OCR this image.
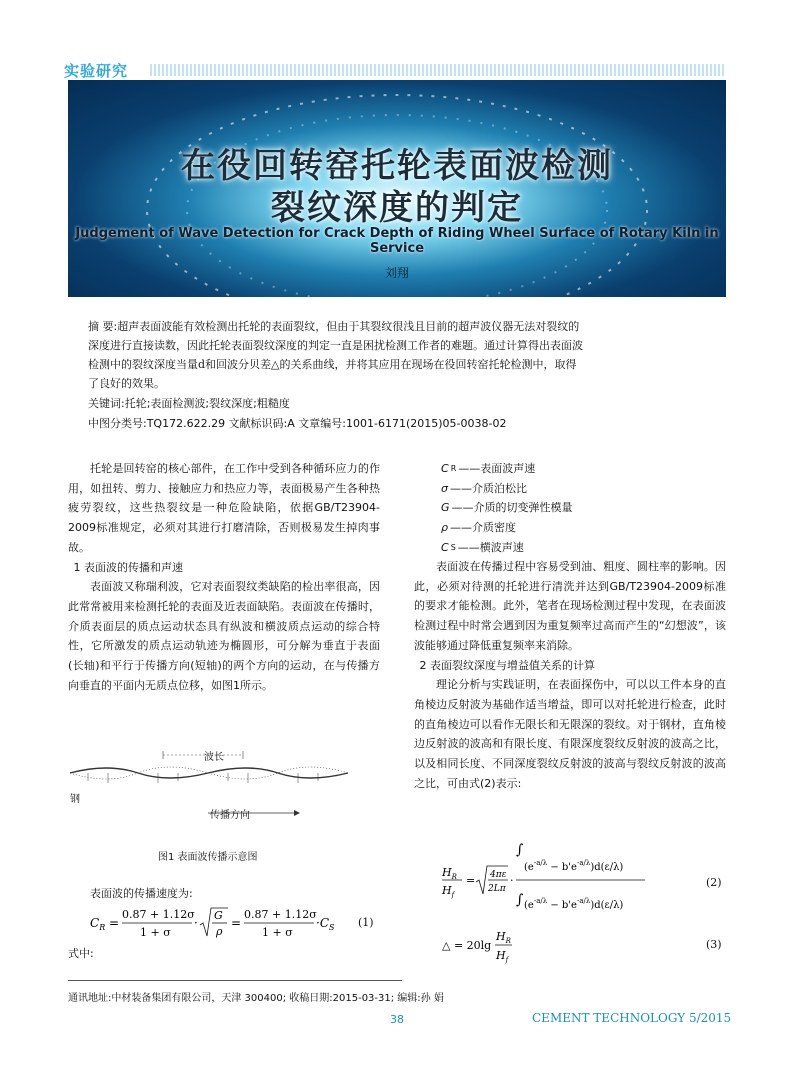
实验研究
在役回转窑托轮表面波检测
裂纹深度的判定
Judgement of Wave Detection for Crack Depth of Riding Wheel Surface of Rotary Kiln in Service
刘翔
摘 要:超声表面波能有效检测出托轮的表面裂纹，但由于其裂纹很浅且目前的超声波仪器无法对裂纹的
深度进行直接读数，因此托轮表面裂纹深度的判定一直是困扰检测工作者的难题。通过计算得出表面波
检测中的裂纹深度当量d和回波分贝差△的关系曲线，并将其应用在现场在役回转窑托轮检测中，取得
了良好的效果。
关键词:托轮;表面检测波;裂纹深度;粗糙度
中图分类号:TQ172.622.29 文献标识码:A 文章编号:1001-6171(2015)05-0038-02

托轮是回转窑的核心部件，在工作中受到各种循环应力的作用，如扭转、剪力、接触应力和热应力等，表面极易产生各种热疲劳裂纹，这些热裂纹是一种危险缺陷，依据GB/T23904-2009标准规定，必须对其进行打磨清除，否则极易发生掉肉事故。

1 表面波的传播和声速

表面波又称瑞利波，它对表面裂纹类缺陷的检出率很高，因此常常被用来检测托轮的表面及近表面缺陷。表面波在传播时，介质表面层的质点运动状态具有纵波和横波质点运动的综合特性，它所激发的质点运动轨迹为椭圆形，可分解为垂直于表面(长轴)和平行于传播方向(短轴)的两个方向的运动，在与传播方向垂直的平面内无质点位移，如图1所示。

波长
钢
传播方向
图1 表面波传播示意图

表面波的传播速度为:

$C_R$ =
0.87 + 1.12σ
1 + σ
·
G
ρ
=
0.87 + 1.12σ
1 + σ
$\cdot C_S$ (1)
式中:
C R ——表面波声速
σ ——介质泊松比
G ——介质的切变弹性模量
ρ ——介质密度
C S ——横波声速

表面波在传播过程中容易受到油、粗度、圆柱率的影响。因此，必须对待测的托轮进行清洗并达到GB/T23904-2009标准的要求才能检测。此外，笔者在现场检测过程中发现，在表面波检测过程中时常会遇到因为重复频率过高而产生的“幻想波”，该波能够通过降低重复频率来消除。

2 表面裂纹深度与增益值关系的计算

理论分析与实践证明，在表面探伤中，可以以工件本身的直角棱边反射波为基础作适当增益，即可以对托轮进行检查，此时的直角棱边可以看作无限长和无限深的裂纹。对于钢材，直角棱边反射波的波高和有限长度、有限深度裂纹反射波的波高之比，以及相同长度、不同深度裂纹反射波的波高与裂纹反射波的波高之比，可由式(2)表示:

$H_R$
$H_f$
= 4πε
2Lπ
·
∫
$(e^{-a/\lambda} - b'e^{-a/\lambda})d(\varepsilon/\lambda)$
∫ $(e^{-a/\lambda} - b'e^{-a/\lambda})d(\varepsilon/\lambda)$
(2)
△ = 20lg
$H_R$
$H_f$
(3)
通讯地址:中材装备集团有限公司，天津 300400; 收稿日期:2015-03-31; 编辑:孙 娟
38	CEMENT TECHNOLOGY 5/2015
